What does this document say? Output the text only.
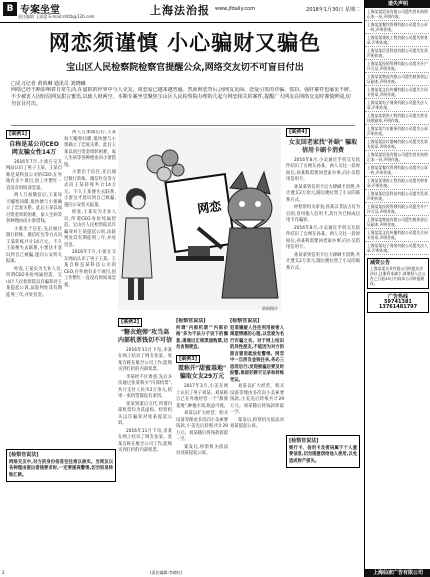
B 专案坐堂
责任编辑 王淑蕾 E-mail:shfzb@126.com	上海法治报 www.jfdaily.com	2018年1月30日 星期二
网恋须谨慎 小心骗财又骗色
宝山区人民检察院检察官提醒公众,网络交友切不可盲目付出
□见习记者 黄荷琳 通讯员 刘晓曦
网络已经不断影响着日常生活,在虚拟的世界中与人交友、谈恋爱已越来越普遍。然而网恋背后,因网友见面、恋爱引发的诈骗、盗窃、强奸案件也屡见不鲜。不少被害人因轻信网友甜言蜜语,以致人财两空。本期专案坐堂聚焦宝山区人民检察院办理的几起与网恋相关的案件,提醒广大网友在网络交友时谨慎辨别,切勿盲目付出。
[案例1]
自称是某公司CEO 网友骗女性14万

2016年7月,小蕾在交友网站认识了男子王某。王某自称是某科技公司的CEO,在外地有多个项目,因工作繁忙一直没有时间谈恋爱。

两人互加微信后,王某每天嘘寒问暖,很快便与小蕾确立了恋爱关系。此后王某以项目资金周转困难、家人生病等各种理由向小蕾借钱。

小蕾出于信任,先后通过银行转账、微信红包等方式向王某转账共计14万元。不久王某便失去联系,小蕾这才意识到自己被骗,遂向公安机关报案。

经查,王某实为无业人员,所谓CEO身份纯属捏造。宝山区人民检察院以诈骗罪对王某提起公诉,法院判处其有期徒刑三年,并处罚金。

两人互加微信后,王某每天嘘寒问暖,很快便与小蕾确立了恋爱关系。此后王某以项目资金周转困难、家人生病等各种理由向小蕾借钱。

小蕾出于信任,先后通过银行转账、微信红包等方式向王某转账共计14万元。不久王某便失去联系,小蕾这才意识到自己被骗,遂向公安机关报案。

经查,王某实为无业人员,所谓CEO身份纯属捏造。宝山区人民检察院以诈骗罪对王某提起公诉,法院判处其有期徒刑三年,并处罚金。

2016年7月,小蕾在交友网站认识了男子王某。王某自称是某科技公司的CEO,在外地有多个项目,因工作繁忙一直没有时间谈恋爱。

[检察官说法]
网络交友中,对方的身份信息往往难以核实。当网友以各种理由提出借钱要求时,一定要提高警惕,切勿轻易转账汇款。
网恋
资料图片
[案例4]
女友回老家找"补缺" 骗取信用卡刷卡消费

2016年8月,小吴通过手机交友软件结识了女网友孙某。两人交往一段时间后,孙某称需要回老家办事,向小吴借用信用卡。

孙某拿到信用卡后大肆刷卡消费,共计透支2万余元,随后便拉黑了小吴的联系方式。

经检察机关审查,孙某以非法占有为目的,冒用他人信用卡,其行为已构成信用卡诈骗罪。

2016年8月,小吴通过手机交友软件结识了女网友孙某。两人交往一段时间后,孙某称需要回老家办事,向小吴借用信用卡。

孙某拿到信用卡后大肆刷卡消费,共计透支2万余元,随后便拉黑了小吴的联系方式。

[检察官说法]
银行卡、信用卡及密码属于个人重要信息,切勿随意借给他人使用,以免造成财产损失。
[案例2]
"糖衣炮弹"攻当高 内部机票钱切不可信

2016年11月下旬,李某在网上结识了网友张某。张某自称在航空公司工作,能购买到打折的内部机票。

李某经不住诱惑,先后多次通过张某购买"内部机票",共计支付人民币2万余元,结果一张机票都没有拿到。

张某到案后交代,所谓内部机票均为其虚构。检察机关以诈骗罪对张某提起公诉。

2016年11月下旬,李某在网上结识了网友张某。张某自称在航空公司工作,能购买到打折的内部机票。

[检察官说法]
所谓"内部机票""内部价格"多为不法分子设下的圈套,请通过正规渠道购票,切勿贪图便宜。
[案例3]
谎称开"甜蜜基地" 骗取女友29万元

2017年3月,小美在网上认识了男子刘某。刘某称自己在外地经营一个"甜蜜基地",种植水果,收益可观。

刘某以扩大经营、购买设备等理由多次向小美索要钱款,小美先后转账共计29万元。刘某随后将钱款挥霍一空。

案发后,检察机关依法对刘某提起公诉。

[检察官说法]
犯罪嫌疑人往往利用被害人渴望情感的心理,以恋爱为名行诈骗之实。对于网上结识的异性朋友,不能因为对方的甜言蜜语就放松警惕。网恋中一旦涉及金钱往来,务必三思而后行;发现被骗后要及时报警,保留好聊天记录和转账凭证。

刘某以扩大经营、购买设备等理由多次向小美索要钱款,小美先后转账共计29万元。刘某随后将钱款挥霍一空。

案发后,检察机关依法对刘某提起公诉。

遗失声明
上海某某贸易有限公司遗失营业执照正本一份,声明作废。
上海某某餐饮管理有限公司遗失公章一枚,声明作废。
上海某某建筑工程有限公司遗失财务章,声明作废。
上海某某信息科技有限公司遗失发票,声明作废。
上海某某投资管理有限公司遗失开户许可证,声明作废。
上海某某物流有限公司遗失税务登记证副本,声明作废。
上海某某文化传播有限公司遗失合同专用章,声明作废。
上海某某电子商务有限公司遗失法人章,声明作废。
上海某某装饰工程有限公司遗失营业执照副本,声明作废。
上海某某汽车服务有限公司遗失公章,声明作废。
上海某某医疗器械有限公司遗失发票专用章,声明作废。
上海某某贸易有限公司遗失营业执照正本一份,声明作废。
上海某某餐饮管理有限公司遗失公章一枚,声明作废。
上海某某建筑工程有限公司遗失财务章,声明作废。
上海某某信息科技有限公司遗失发票,声明作废。
上海某某投资管理有限公司遗失开户许可证,声明作废。
上海某某物流有限公司遗失税务登记证副本,声明作废。
上海某某文化传播有限公司遗失合同专用章,声明作废。
上海某某电子商务有限公司遗失法人章,声明作废。
减资公告
上海某某实业有限公司经股东会决议,注册资本减少,请债权人自公告之日起45日内向本公司申报债权。
广告热线
59741381
13761481797
上海仙家广告有限公司
2	(责任编辑:李晓红)
